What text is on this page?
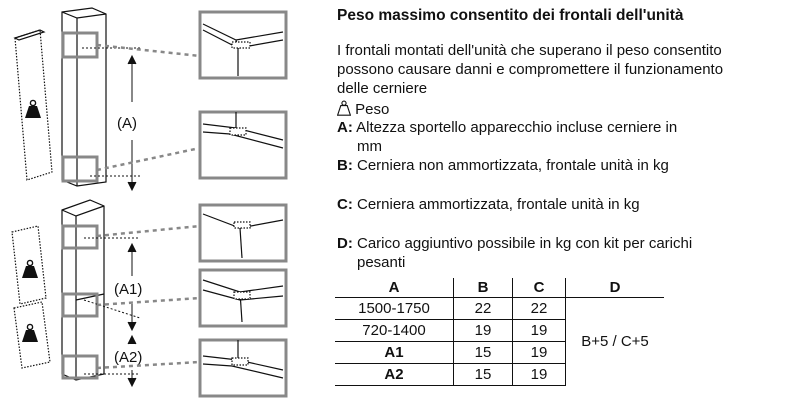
(A)
(A1)
(A2)
Peso massimo consentito dei frontali dell'unità
I frontali montati dell'unità che superano il peso consentito
possono causare danni e compromettere il funzionamento
delle cerniere
Peso
A: Altezza sportello apparecchio incluse cerniere in
mm
B: Cerniera non ammortizzata, frontale unità in kg
C: Cerniera ammortizzata, frontale unità in kg
D: Carico aggiuntivo possibile in kg con kit per carichi
pesanti
A	B	C	D
1500-1750	22	22	B+5 / C+5
720-1400	19	19	
A1	15	19	
A2	15	19	
